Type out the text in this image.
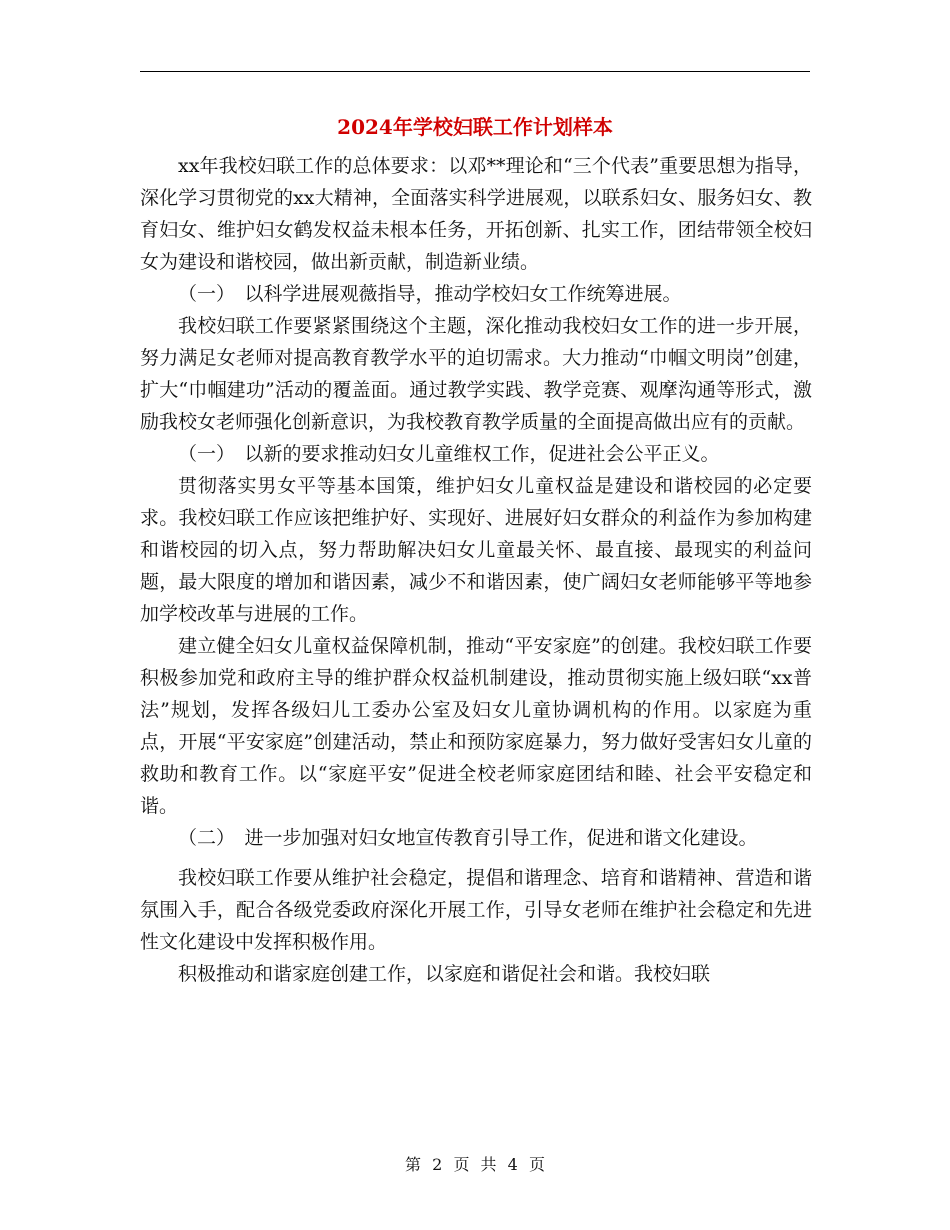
2024年学校妇联工作计划样本

xx年我校妇联工作的总体要求：以邓**理论和“三个代表”重要思想为指导，深化学习贯彻党的xx大精神，全面落实科学进展观，以联系妇女、服务妇女、教育妇女、维护妇女鹤发权益未根本任务，开拓创新、扎实工作，团结带领全校妇女为建设和谐校园，做出新贡献，制造新业绩。

（一）　以科学进展观薇指导，推动学校妇女工作统筹进展。

我校妇联工作要紧紧围绕这个主题，深化推动我校妇女工作的进一步开展，努力满足女老师对提高教育教学水平的迫切需求。大力推动“巾帼文明岗”创建，扩大“巾帼建功”活动的覆盖面。通过教学实践、教学竞赛、观摩沟通等形式，激励我校女老师强化创新意识，为我校教育教学质量的全面提高做出应有的贡献。

（一）　以新的要求推动妇女儿童维权工作，促进社会公平正义。

贯彻落实男女平等基本国策，维护妇女儿童权益是建设和谐校园的必定要求。我校妇联工作应该把维护好、实现好、进展好妇女群众的利益作为参加构建和谐校园的切入点，努力帮助解决妇女儿童最关怀、最直接、最现实的利益问题，最大限度的增加和谐因素，减少不和谐因素，使广阔妇女老师能够平等地参加学校改革与进展的工作。

建立健全妇女儿童权益保障机制，推动“平安家庭”的创建。我校妇联工作要积极参加党和政府主导的维护群众权益机制建设，推动贯彻实施上级妇联“xx普法”规划，发挥各级妇儿工委办公室及妇女儿童协调机构的作用。以家庭为重点，开展“平安家庭”创建活动，禁止和预防家庭暴力，努力做好受害妇女儿童的救助和教育工作。以“家庭平安”促进全校老师家庭团结和睦、社会平安稳定和谐。

（二）　进一步加强对妇女地宣传教育引导工作，促进和谐文化建设。

我校妇联工作要从维护社会稳定，提倡和谐理念、培育和谐精神、营造和谐氛围入手，配合各级党委政府深化开展工作，引导女老师在维护社会稳定和先进性文化建设中发挥积极作用。

积极推动和谐家庭创建工作，以家庭和谐促社会和谐。我校妇联

第 2 页 共 4 页
